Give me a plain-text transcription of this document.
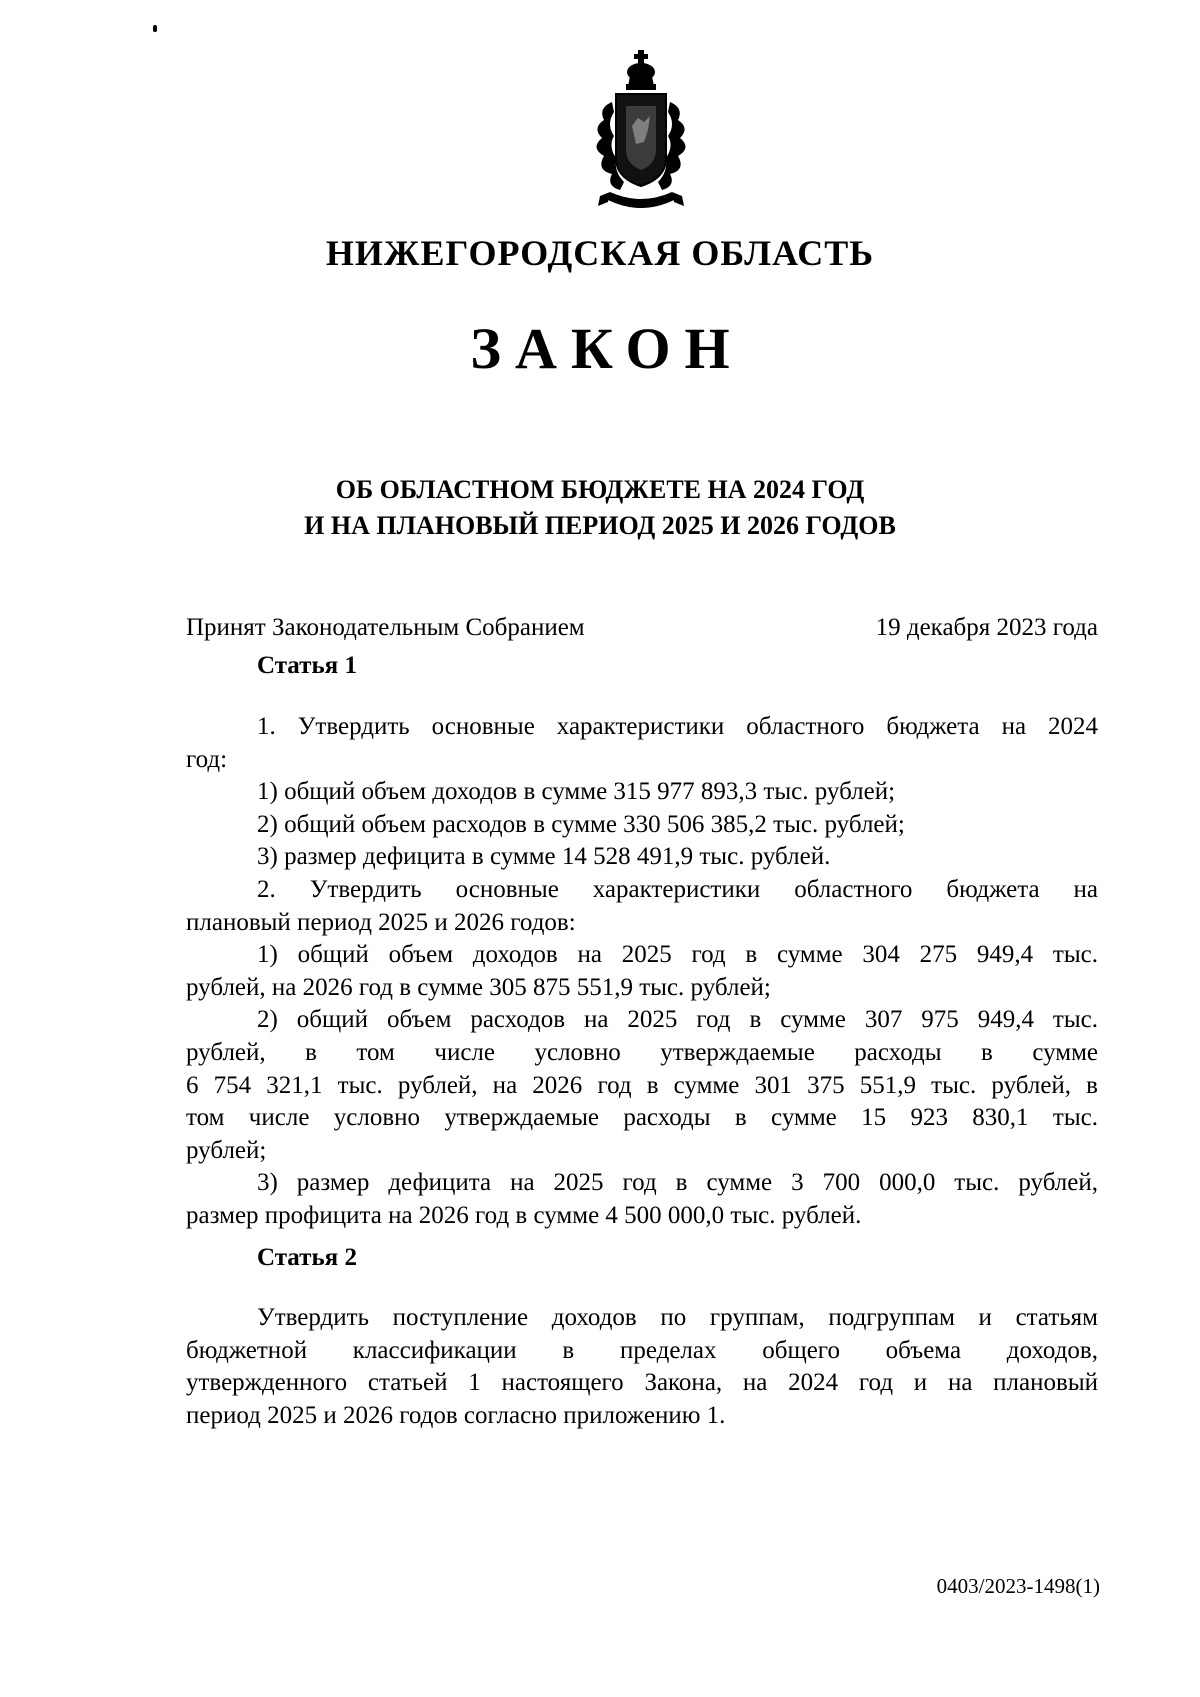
НИЖЕГОРОДСКАЯ ОБЛАСТЬ
ЗАКОН
ОБ ОБЛАСТНОМ БЮДЖЕТЕ НА 2024 ГОД
И НА ПЛАНОВЫЙ ПЕРИОД 2025 И 2026 ГОДОВ
Принят Законодательным Собранием	19 декабря 2023 года
Статья 1

1. Утвердить основные характеристики областного бюджета на 2024

год:

1) общий объем доходов в сумме 315 977 893,3 тыс. рублей;

2) общий объем расходов в сумме 330 506 385,2 тыс. рублей;

3) размер дефицита в сумме 14 528 491,9 тыс. рублей.

2. Утвердить основные характеристики областного бюджета на

плановый период 2025 и 2026 годов:

1) общий объем доходов на 2025 год в сумме 304 275 949,4 тыс.

рублей, на 2026 год в сумме 305 875 551,9 тыс. рублей;

2) общий объем расходов на 2025 год в сумме 307 975 949,4 тыс.

рублей, в том числе условно утверждаемые расходы в сумме

6 754 321,1 тыс. рублей, на 2026 год в сумме 301 375 551,9 тыс. рублей, в

том числе условно утверждаемые расходы в сумме 15 923 830,1 тыс.

рублей;

3) размер дефицита на 2025 год в сумме 3 700 000,0 тыс. рублей,

размер профицита на 2026 год в сумме 4 500 000,0 тыс. рублей.

Статья 2

Утвердить поступление доходов по группам, подгруппам и статьям

бюджетной классификации в пределах общего объема доходов,

утвержденного статьей 1 настоящего Закона, на 2024 год и на плановый

период 2025 и 2026 годов согласно приложению 1.

0403/2023-1498(1)
